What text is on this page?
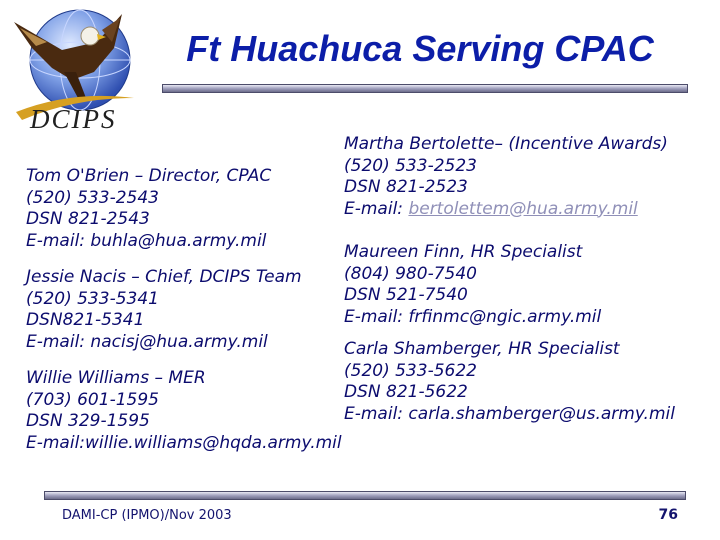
DCIPS
Ft Huachuca Serving CPAC
Tom O'Brien – Director, CPAC
(520) 533-2543
DSN 821-2543
E-mail: buhla@hua.army.mil
Jessie Nacis – Chief, DCIPS Team
(520) 533-5341
DSN821-5341
E-mail: nacisj@hua.army.mil
Martha Bertolette– (Incentive Awards)
(520) 533-2523
DSN 821-2523
E-mail: bertolettem@hua.army.mil
Maureen Finn, HR Specialist
(804) 980-7540
DSN 521-7540
E-mail: frfinmc@ngic.army.mil
Carla Shamberger, HR Specialist
(520) 533-5622
DSN 821-5622
E-mail: carla.shamberger@us.army.mil
Willie Williams – MER
(703) 601-1595
DSN 329-1595
E-mail:willie.williams@hqda.army.mil
DAMI-CP (IPMO)/Nov 2003	76
